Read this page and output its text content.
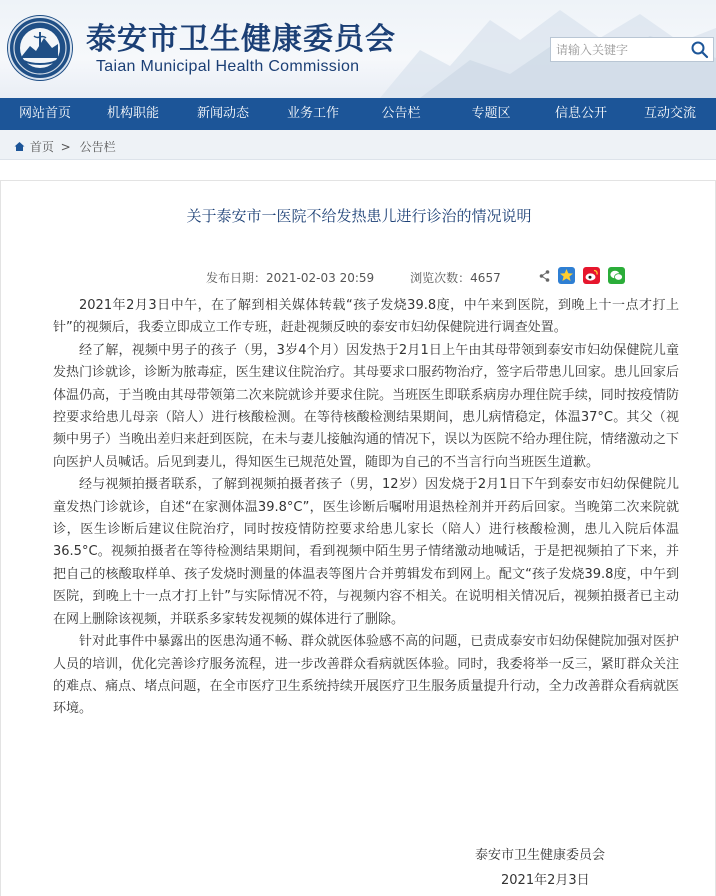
泰安市卫生健康委员会
Taian Municipal Health Commission
请输入关键字
网站首页	机构职能	新闻动态	业务工作	公告栏	专题区	信息公开	互动交流
首页 > 公告栏
关于泰安市一医院不给发热患儿进行诊治的情况说明
发布日期：2021-02-03 20:59	浏览次数：4657

2021年2月3日中午，在了解到相关媒体转载“孩子发烧39.8度，中午来到医院，到晚上十一点才打上针”的视频后，我委立即成立工作专班，赶赴视频反映的泰安市妇幼保健院进行调查处置。

经了解，视频中男子的孩子（男，3岁4个月）因发热于2月1日上午由其母带领到泰安市妇幼保健院儿童发热门诊就诊，诊断为脓毒症，医生建议住院治疗。其母要求口服药物治疗，签字后带患儿回家。患儿回家后体温仍高，于当晚由其母带领第二次来院就诊并要求住院。当班医生即联系病房办理住院手续，同时按疫情防控要求给患儿母亲（陪人）进行核酸检测。在等待核酸检测结果期间，患儿病情稳定，体温37°C。其父（视频中男子）当晚出差归来赶到医院，在未与妻儿接触沟通的情况下，误以为医院不给办理住院，情绪激动之下向医护人员喊话。后见到妻儿，得知医生已规范处置，随即为自己的不当言行向当班医生道歉。

经与视频拍摄者联系，了解到视频拍摄者孩子（男，12岁）因发烧于2月1日下午到泰安市妇幼保健院儿童发热门诊就诊，自述“在家测体温39.8°C”，医生诊断后嘱咐用退热栓剂并开药后回家。当晚第二次来院就诊，医生诊断后建议住院治疗，同时按疫情防控要求给患儿家长（陪人）进行核酸检测，患儿入院后体温36.5°C。视频拍摄者在等待检测结果期间，看到视频中陌生男子情绪激动地喊话，于是把视频拍了下来，并把自己的核酸取样单、孩子发烧时测量的体温表等图片合并剪辑发布到网上。配文“孩子发烧39.8度，中午到医院，到晚上十一点才打上针”与实际情况不符，与视频内容不相关。在说明相关情况后，视频拍摄者已主动在网上删除该视频，并联系多家转发视频的媒体进行了删除。

针对此事件中暴露出的医患沟通不畅、群众就医体验感不高的问题，已责成泰安市妇幼保健院加强对医护人员的培训，优化完善诊疗服务流程，进一步改善群众看病就医体验。同时，我委将举一反三，紧盯群众关注的难点、痛点、堵点问题，在全市医疗卫生系统持续开展医疗卫生服务质量提升行动，全力改善群众看病就医环境。

泰安市卫生健康委员会
2021年2月3日
